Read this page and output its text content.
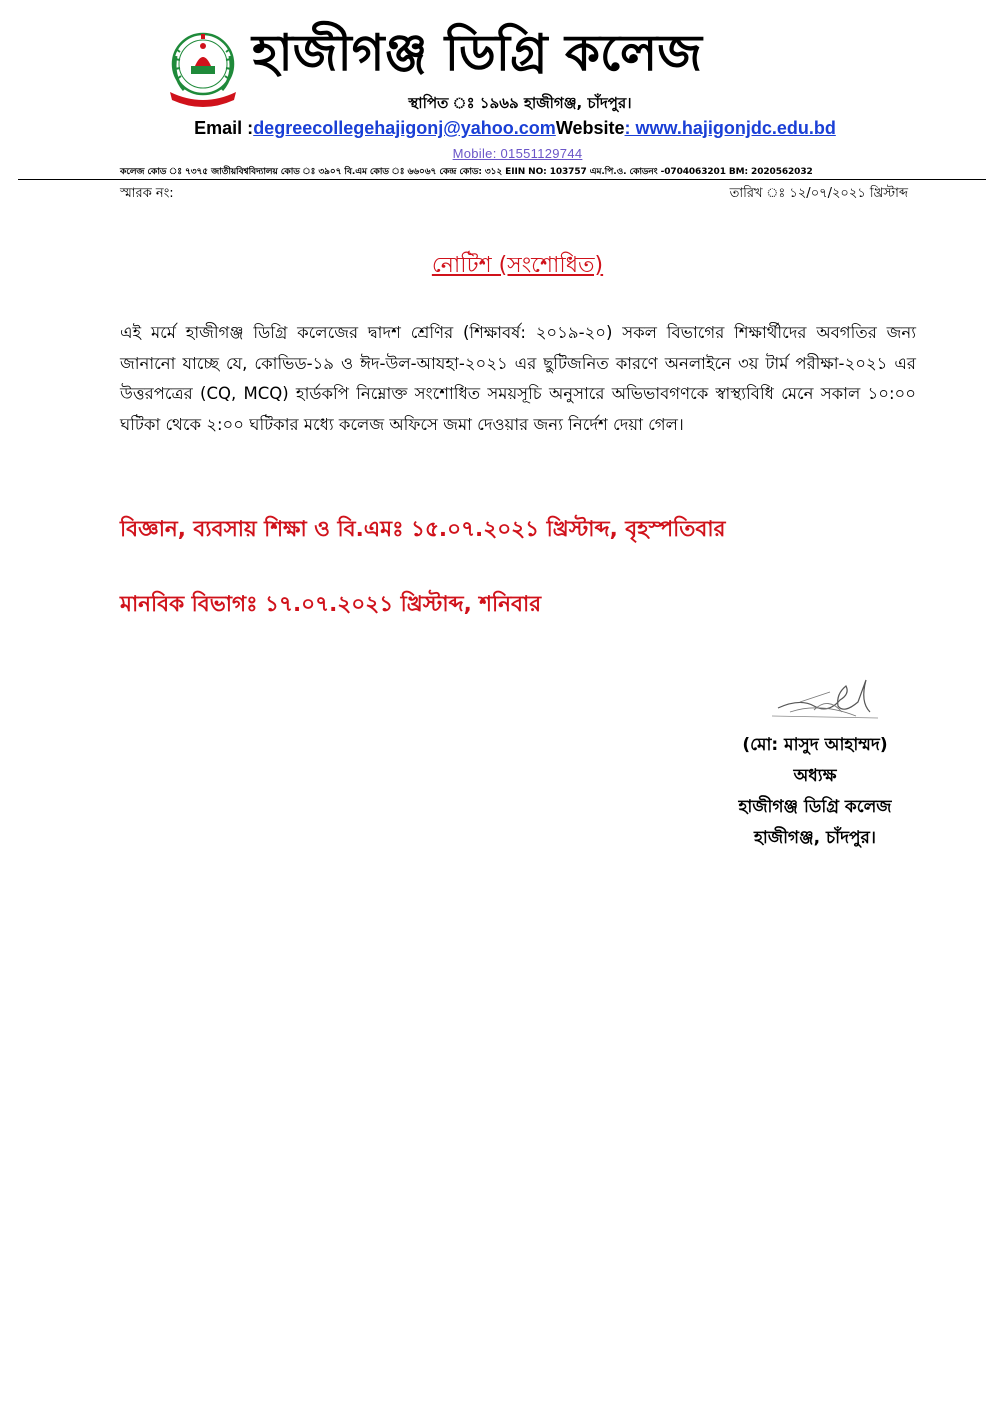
হাজীগঞ্জ ডিগ্রি কলেজ
স্থাপিত ঃ ১৯৬৯ হাজীগঞ্জ, চাঁদপুর।
Email :degreecollegehajigonj@yahoo.comWebsite: www.hajigonjdc.edu.bd
Mobile: 01551129744
কলেজ কোড ঃ ৭৩৭৫ জাতীয়বিশ্ববিদ্যালয় কোড ঃ ৩৯০৭ বি.এম কোড ঃ ৬৬০৬৭ কেন্দ্র কোড: ৩১২ EIIN NO: 103757 এম.পি.ও. কোডনং -0704063201 BM: 2020562032
স্মারক নং:	তারিখ ঃ ১২/০৭/২০২১ খ্রিস্টাব্দ
নোটিশ (সংশোধিত)
এই মর্মে হাজীগঞ্জ ডিগ্রি কলেজের দ্বাদশ শ্রেণির (শিক্ষাবর্ষ: ২০১৯-২০) সকল বিভাগের শিক্ষার্থীদের অবগতির জন্য জানানো যাচ্ছে যে, কোভিড-১৯ ও ঈদ-উল-আযহা-২০২১ এর ছুটিজনিত কারণে অনলাইনে ৩য় টার্ম পরীক্ষা-২০২১ এর উত্তরপত্রের (CQ, MCQ) হার্ডকপি নিম্নোক্ত সংশোধিত সময়সূচি অনুসারে অভিভাবগণকে স্বাস্থ্যবিধি মেনে সকাল ১০:০০ ঘটিকা থেকে ২:০০ ঘটিকার মধ্যে কলেজ অফিসে জমা দেওয়ার জন্য নির্দেশ দেয়া গেল।
বিজ্ঞান, ব্যবসায় শিক্ষা ও বি.এমঃ ১৫.০৭.২০২১ খ্রিস্টাব্দ, বৃহস্পতিবার
মানবিক বিভাগঃ ১৭.০৭.২০২১ খ্রিস্টাব্দ, শনিবার
(মো: মাসুদ আহাম্মদ)
অধ্যক্ষ
হাজীগঞ্জ ডিগ্রি কলেজ
হাজীগঞ্জ, চাঁদপুর।
